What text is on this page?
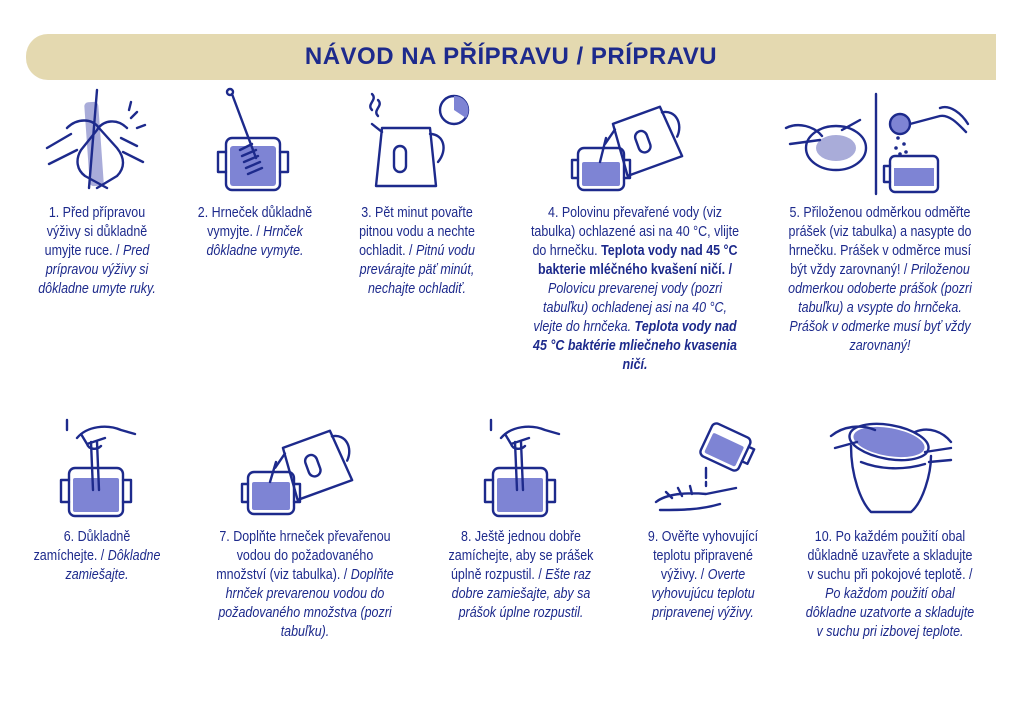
NÁVOD NA PŘÍPRAVU / PRÍPRAVU
1. Před přípravou výživy si důkladně umyjte ruce. / Pred prípravou výživy si dôkladne umyte ruky.
2. Hrneček důkladně vymyjte. / Hrnček dôkladne vymyte.
3. Pět minut povařte pitnou vodu a nechte ochladit. / Pitnú vodu prevárajte päť minút, nechajte ochladiť.
4. Polovinu převařené vody (viz tabulka) ochlazené asi na 40 °C, vlijte do hrnečku. Teplota vody nad 45 °C bakterie mléčného kvašení ničí. / Polovicu prevarenej vody (pozri tabuľku) ochladenej asi na 40 °C, vlejte do hrnčeka. Teplota vody nad 45 °C baktérie mliečneho kvasenia ničí.
5. Přiloženou odměrkou odměřte prášek (viz tabulka) a nasypte do hrnečku. Prášek v odměrce musí být vždy zarovnaný! / Priloženou odmerkou odoberte prášok (pozri tabuľku) a vsypte do hrnčeka. Prášok v odmerke musí byť vždy zarovnaný!
6. Důkladně zamíchejte. / Dôkladne zamiešajte.
7. Doplňte hrneček převařenou vodou do požadovaného množství (viz tabulka). / Doplňte hrnček prevarenou vodou do požadovaného množstva (pozri tabuľku).
8. Ještě jednou dobře zamíchejte, aby se prášek úplně rozpustil. / Ešte raz dobre zamiešajte, aby sa prášok úplne rozpustil.
9. Ověřte vyhovující teplotu připravené výživy. / Overte vyhovujúcu teplotu pripravenej výživy.
10. Po každém použití obal důkladně uzavřete a skladujte v suchu při pokojové teplotě. / Po každom použití obal dôkladne uzatvorte a skladujte v suchu pri izbovej teplote.
